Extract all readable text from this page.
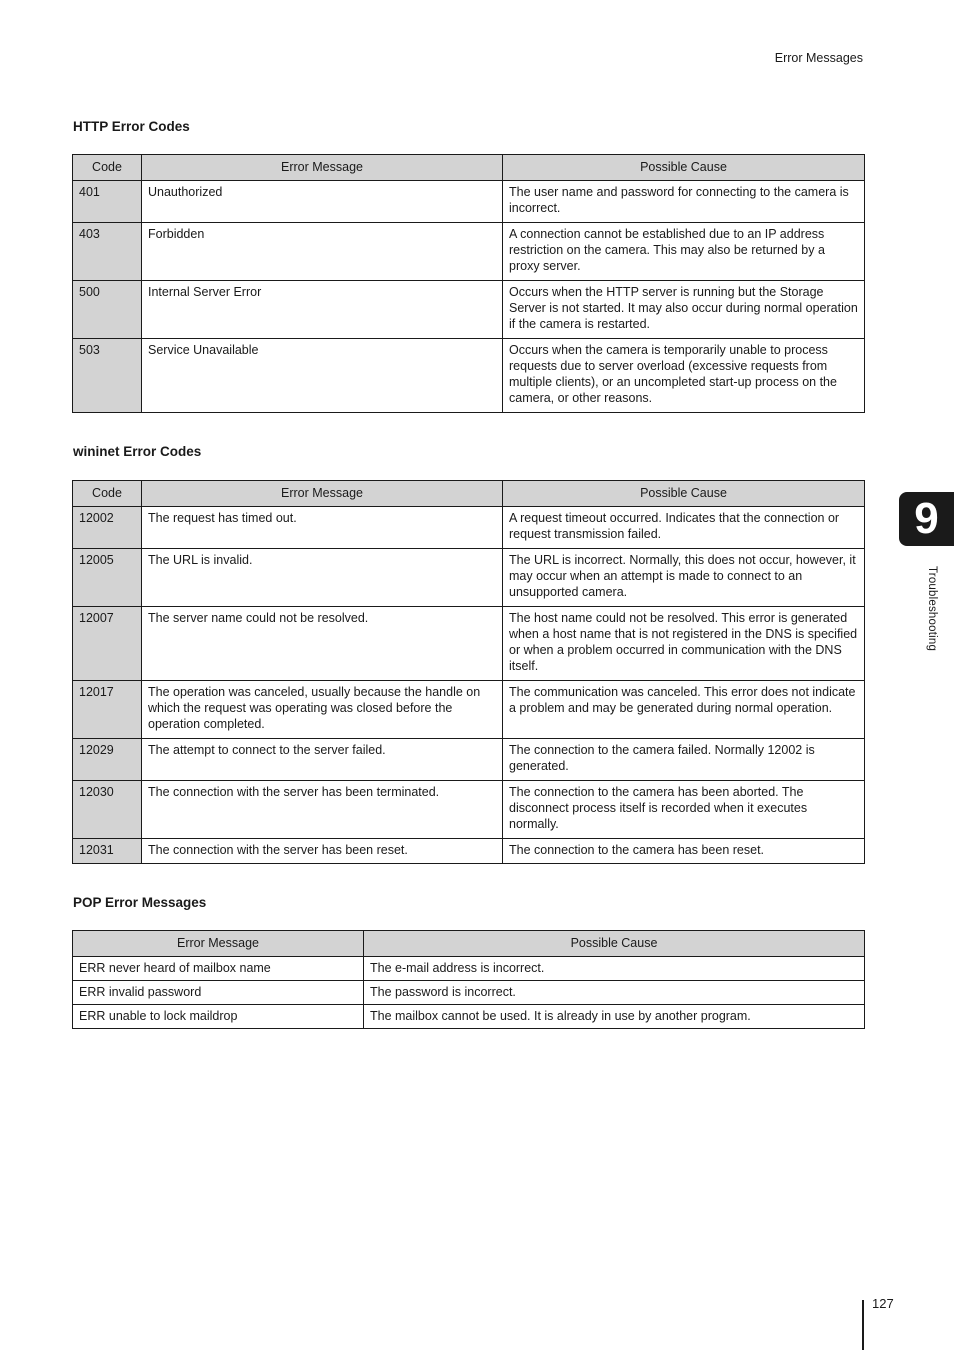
Error Messages
HTTP Error Codes
Code	Error Message	Possible Cause
401	Unauthorized	The user name and password for connecting to the camera is incorrect.
403	Forbidden	A connection cannot be established due to an IP address restriction on the camera. This may also be returned by a proxy server.
500	Internal Server Error	Occurs when the HTTP server is running but the Storage Server is not started. It may also occur during normal operation if the camera is restarted.
503	Service Unavailable	Occurs when the camera is temporarily unable to process requests due to server overload (excessive requests from multiple clients), or an uncompleted start-up process on the camera, or other reasons.
wininet Error Codes
Code	Error Message	Possible Cause
12002	The request has timed out.	A request timeout occurred. Indicates that the connection or request transmission failed.
12005	The URL is invalid.	The URL is incorrect. Normally, this does not occur, however, it may occur when an attempt is made to connect to an unsupported camera.
12007	The server name could not be resolved.	The host name could not be resolved. This error is generated when a host name that is not registered in the DNS is specified or when a problem occurred in communication with the DNS itself.
12017	The operation was canceled, usually because the handle on which the request was operating was closed before the operation completed.	The communication was canceled. This error does not indicate a problem and may be generated during normal operation.
12029	The attempt to connect to the server failed.	The connection to the camera failed. Normally 12002 is generated.
12030	The connection with the server has been terminated.	The connection to the camera has been aborted. The disconnect process itself is recorded when it executes normally.
12031	The connection with the server has been reset.	The connection to the camera has been reset.
POP Error Messages
Error Message	Possible Cause
ERR never heard of mailbox name	The e-mail address is incorrect.
ERR invalid password	The password is incorrect.
ERR unable to lock maildrop	The mailbox cannot be used. It is already in use by another program.
9
Troubleshooting
127
